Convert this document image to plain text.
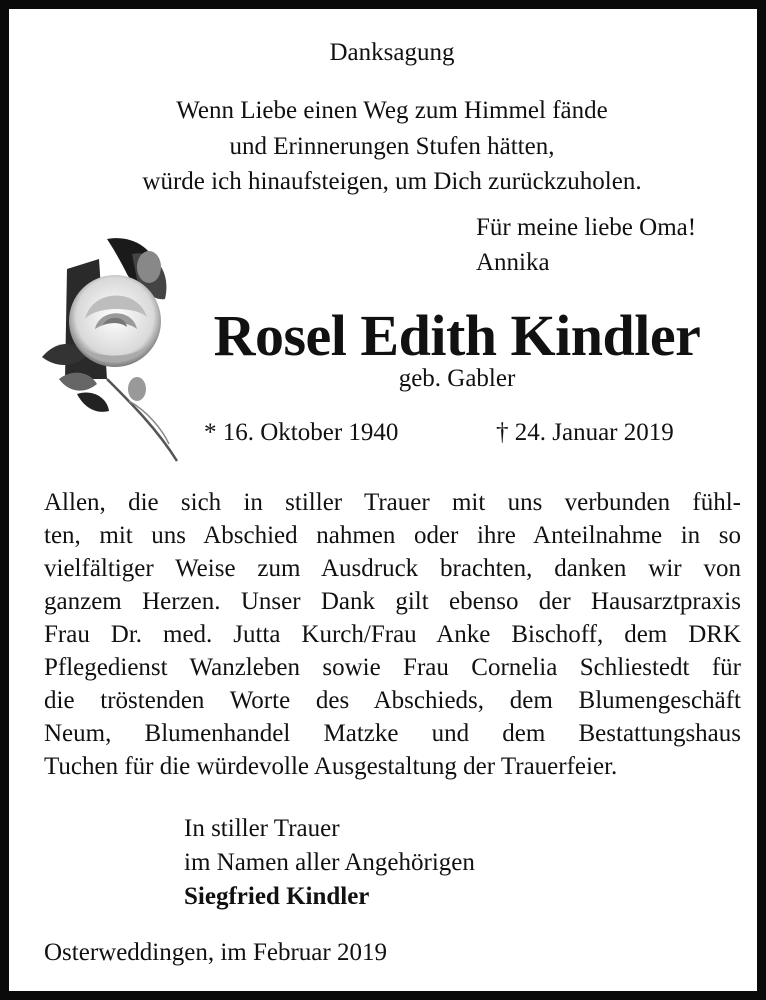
Danksagung

Wenn Liebe einen Weg zum Himmel fände
und Erinnerungen Stufen hätten,
würde ich hinaufsteigen, um Dich zurückzuholen.
Für meine liebe Oma!
Annika

Rosel Edith Kindler

geb. Gabler

* 16. Oktober 1940	† 24. Januar 2019

Allen, die sich in stiller Trauer mit uns verbunden fühl-
ten, mit uns Abschied nahmen oder ihre Anteilnahme in so
vielfältiger Weise zum Ausdruck brachten, danken wir von
ganzem Herzen. Unser Dank gilt ebenso der Hausarztpraxis
Frau Dr. med. Jutta Kurch/Frau Anke Bischoff, dem DRK
Pflegedienst Wanzleben sowie Frau Cornelia Schliestedt für
die tröstenden Worte des Abschieds, dem Blumengeschäft
Neum, Blumenhandel Matzke und dem Bestattungshaus
Tuchen für die würdevolle Ausgestaltung der Trauerfeier.
In stiller Trauer
im Namen aller Angehörigen
Siegfried Kindler

Osterweddingen, im Februar 2019
